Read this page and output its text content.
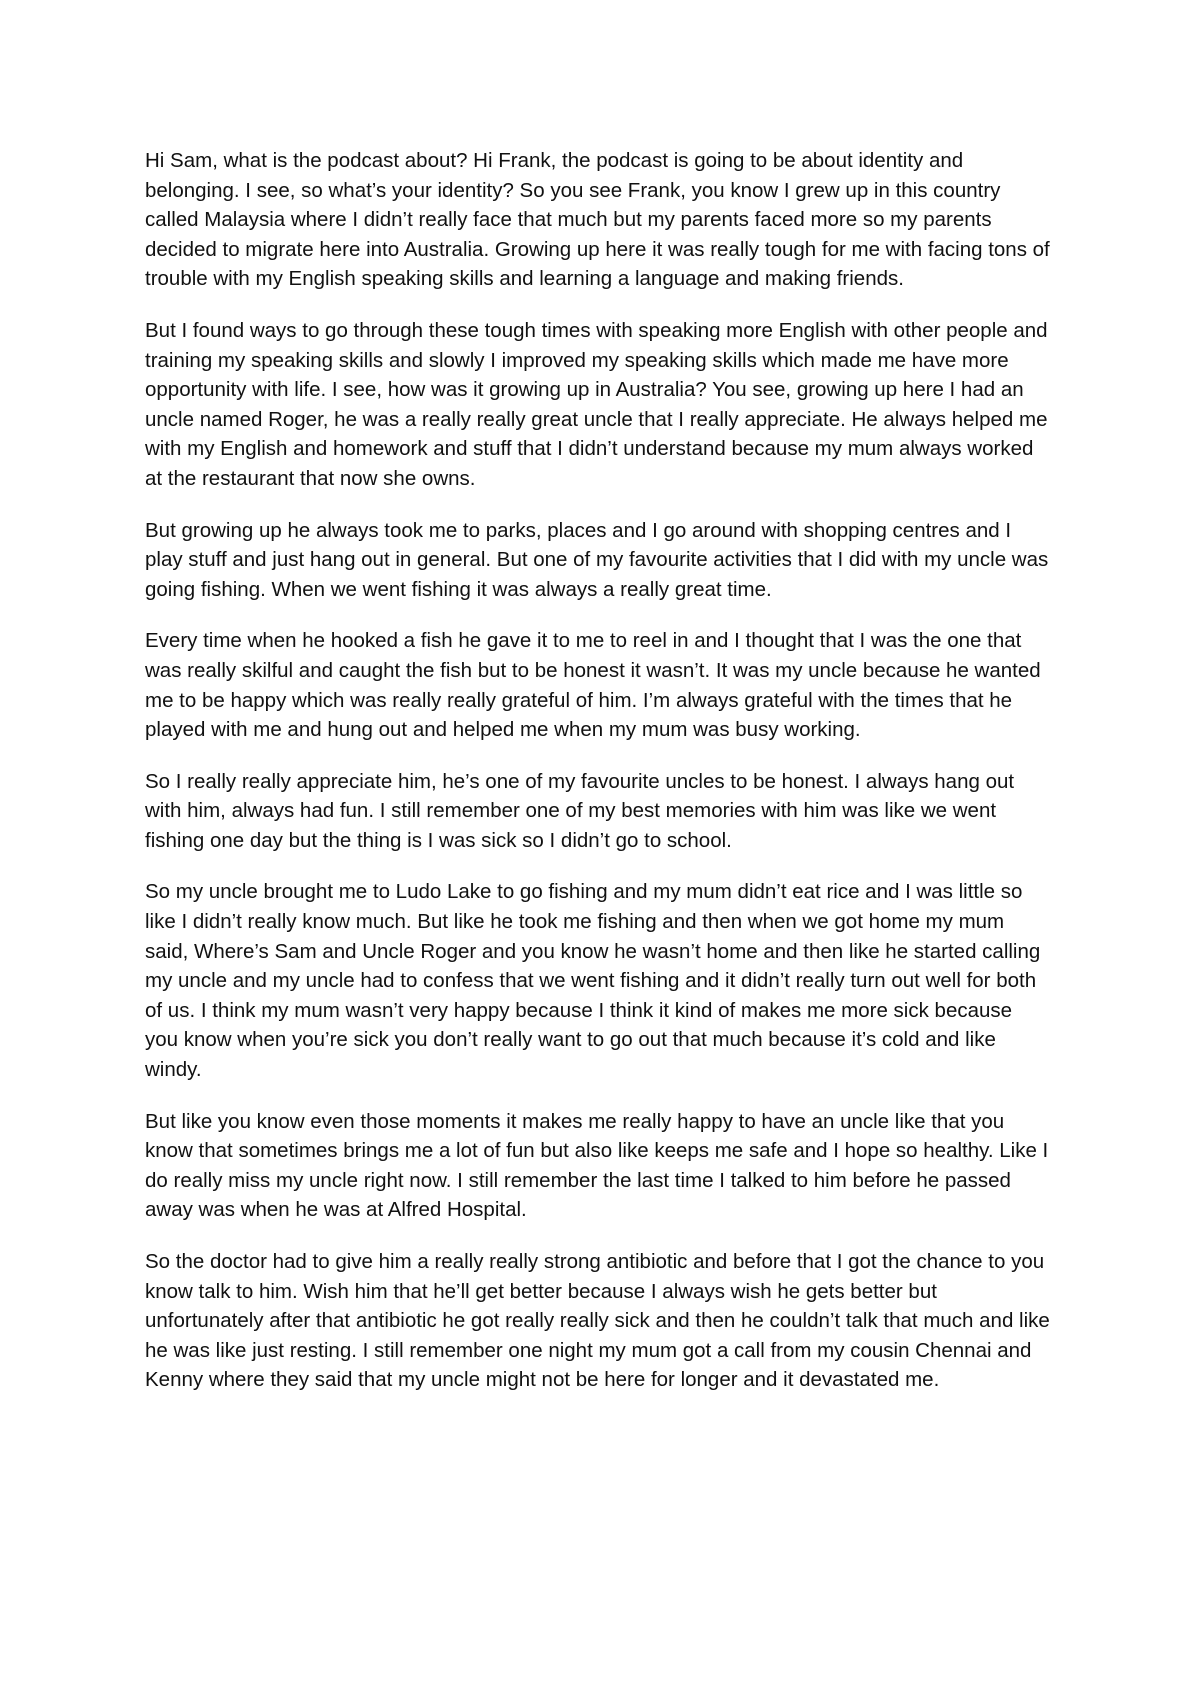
Hi Sam, what is the podcast about? Hi Frank, the podcast is going to be about identity and belonging. I see, so what’s your identity? So you see Frank, you know I grew up in this country called Malaysia where I didn’t really face that much but my parents faced more so my parents decided to migrate here into Australia. Growing up here it was really tough for me with facing tons of trouble with my English speaking skills and learning a language and making friends.

But I found ways to go through these tough times with speaking more English with other people and training my speaking skills and slowly I improved my speaking skills which made me have more opportunity with life. I see, how was it growing up in Australia? You see, growing up here I had an uncle named Roger, he was a really really great uncle that I really appreciate. He always helped me with my English and homework and stuff that I didn’t understand because my mum always worked at the restaurant that now she owns.

But growing up he always took me to parks, places and I go around with shopping centres and I play stuff and just hang out in general. But one of my favourite activities that I did with my uncle was going fishing. When we went fishing it was always a really great time.

Every time when he hooked a fish he gave it to me to reel in and I thought that I was the one that was really skilful and caught the fish but to be honest it wasn’t. It was my uncle because he wanted me to be happy which was really really grateful of him. I’m always grateful with the times that he played with me and hung out and helped me when my mum was busy working.

So I really really appreciate him, he’s one of my favourite uncles to be honest. I always hang out with him, always had fun. I still remember one of my best memories with him was like we went fishing one day but the thing is I was sick so I didn’t go to school.

So my uncle brought me to Ludo Lake to go fishing and my mum didn’t eat rice and I was little so like I didn’t really know much. But like he took me fishing and then when we got home my mum said, Where’s Sam and Uncle Roger and you know he wasn’t home and then like he started calling my uncle and my uncle had to confess that we went fishing and it didn’t really turn out well for both of us. I think my mum wasn’t very happy because I think it kind of makes me more sick because you know when you’re sick you don’t really want to go out that much because it’s cold and like windy.

But like you know even those moments it makes me really happy to have an uncle like that you know that sometimes brings me a lot of fun but also like keeps me safe and I hope so healthy. Like I do really miss my uncle right now. I still remember the last time I talked to him before he passed away was when he was at Alfred Hospital.

So the doctor had to give him a really really strong antibiotic and before that I got the chance to you know talk to him. Wish him that he’ll get better because I always wish he gets better but unfortunately after that antibiotic he got really really sick and then he couldn’t talk that much and like he was like just resting. I still remember one night my mum got a call from my cousin Chennai and Kenny where they said that my uncle might not be here for longer and it devastated me.
